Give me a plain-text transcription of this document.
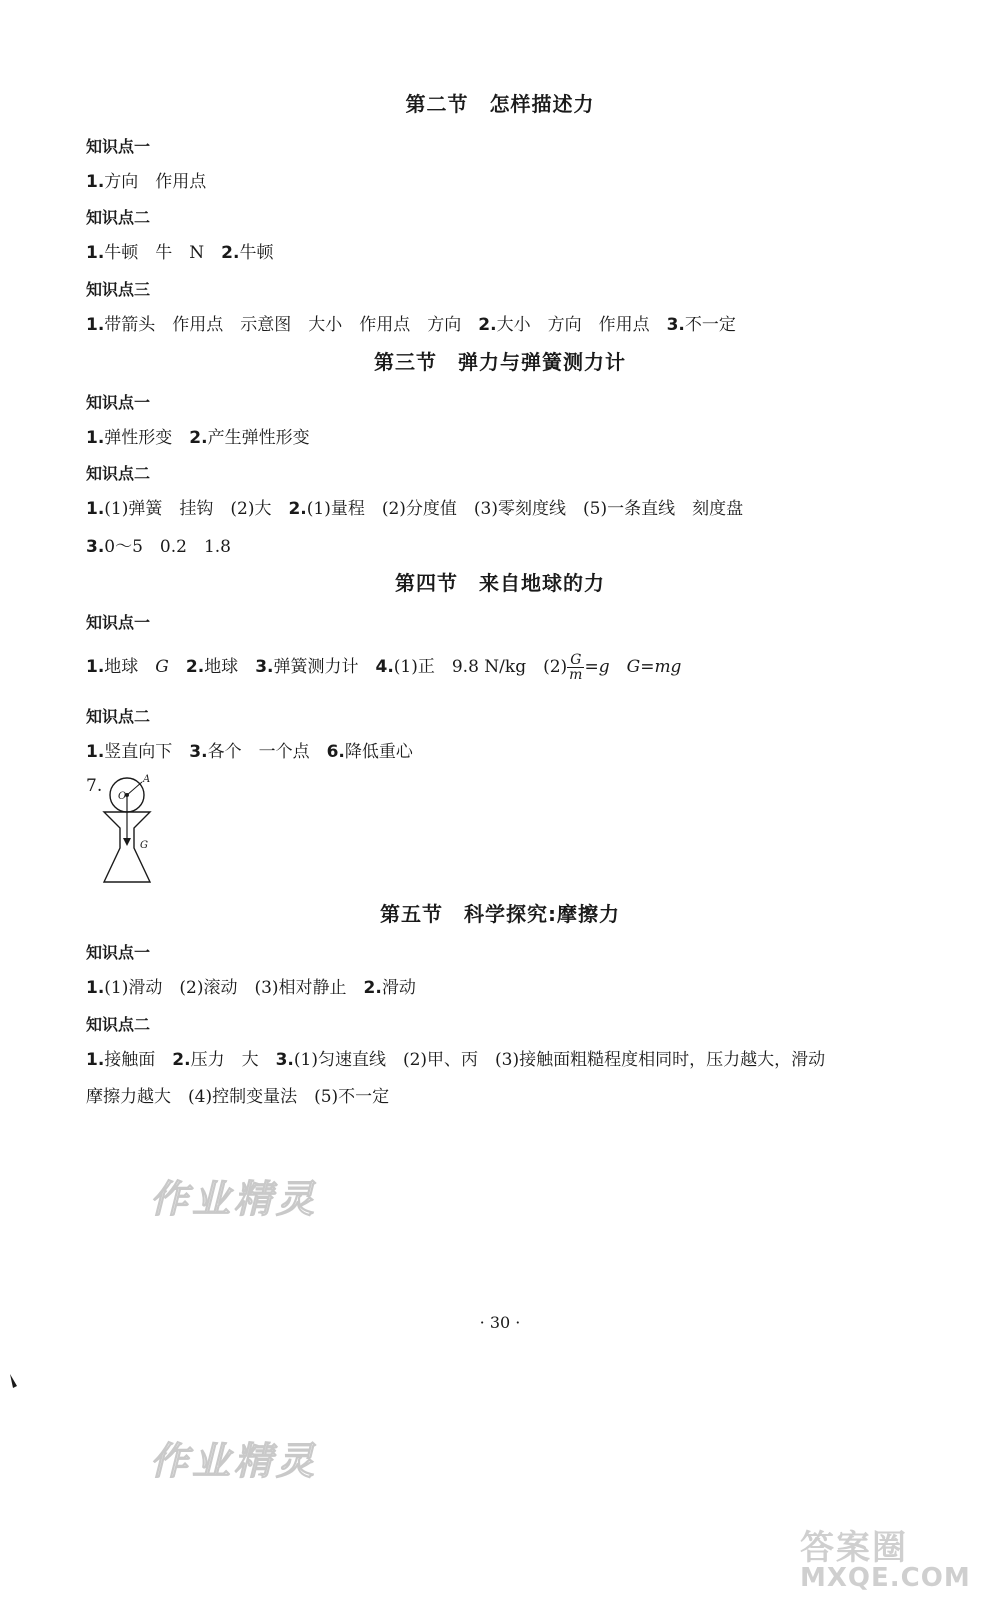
第二节　怎样描述力
知识点一
1.方向　作用点
知识点二
1.牛顿　牛　N　2.牛顿
知识点三
1.带箭头　作用点　示意图　大小　作用点　方向　2.大小　方向　作用点　3.不一定
第三节　弹力与弹簧测力计
知识点一
1.弹性形变　2.产生弹性形变
知识点二
1.(1)弹簧　挂钩　(2)大　2.(1)量程　(2)分度值　(3)零刻度线　(5)一条直线　刻度盘
3.0～5　0.2　1.8
第四节　来自地球的力
知识点一
1.地球　G　 2.地球　3.弹簧测力计　4.(1)正　9.8 N/kg　$(2) \frac{G}{m} =g$　 G=mg
知识点二
1.竖直向下　3.各个　一个点　6.降低重心
7.	A
O
G
第五节　科学探究:摩擦力
知识点一
1.(1)滑动　(2)滚动　(3)相对静止　2.滑动
知识点二
1.接触面　2.压力　大　3.(1)匀速直线　(2)甲、丙　(3)接触面粗糙程度相同时，压力越大，滑动
摩擦力越大　(4)控制变量法　(5)不一定
作业精灵
作业精灵
答案圈
MXQE.COM
· 30 ·
